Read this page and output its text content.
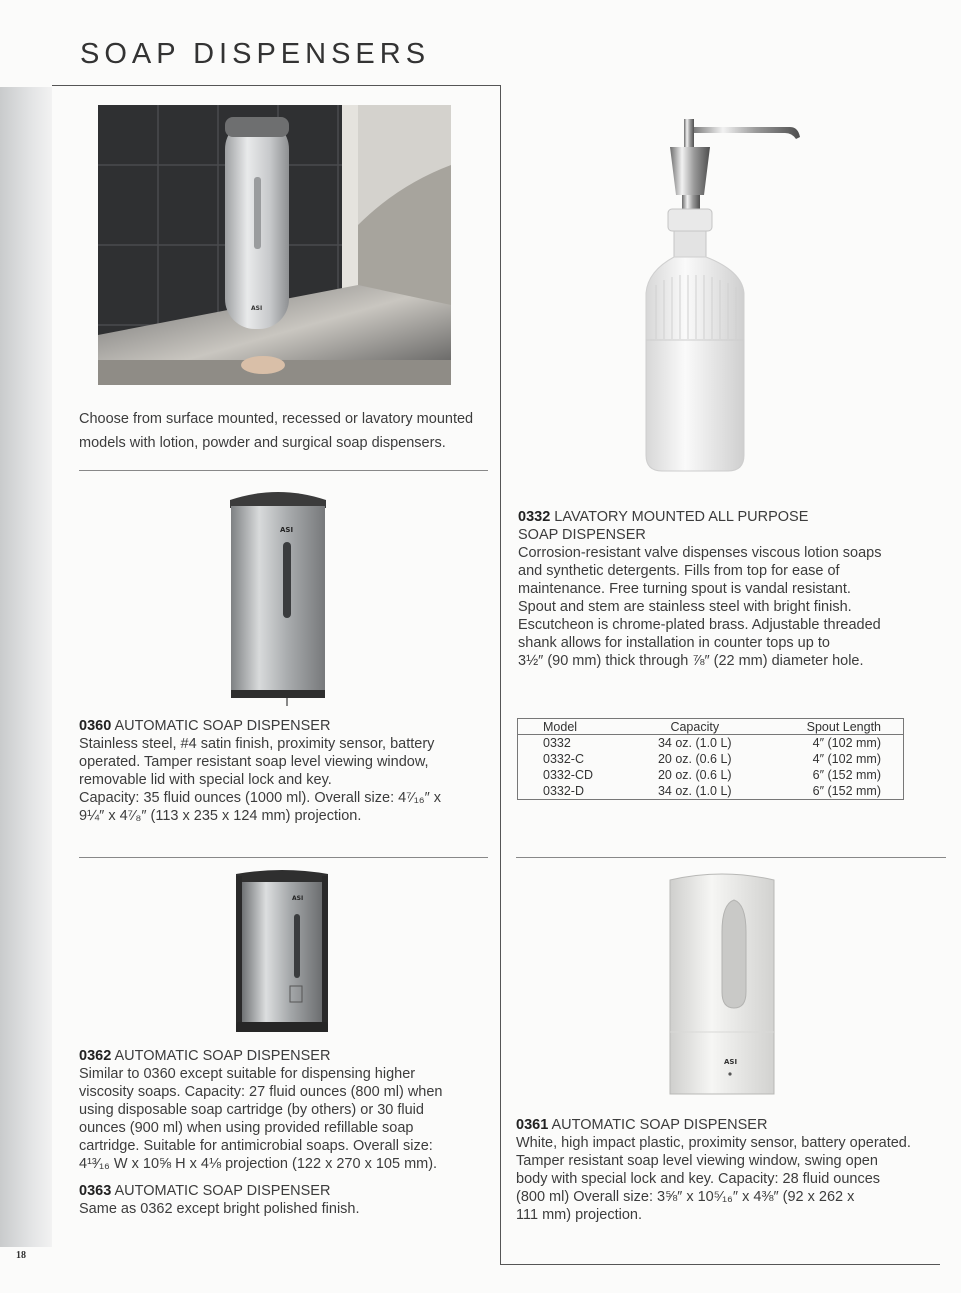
SOAP DISPENSERS
ASI

Choose from surface mounted, recessed or lavatory mounted models with lotion, powder and surgical soap dispensers.

ASI

0360 AUTOMATIC SOAP DISPENSER

Stainless steel, #4 satin finish, proximity sensor, battery

operated. Tamper resistant soap level viewing window,

removable lid with special lock and key.

Capacity: 35 fluid ounces (1000 ml). Overall size: 4⁷⁄₁₆″ x

9¼″ x 4⁷⁄₈″ (113 x 235 x 124 mm) projection.

0332 LAVATORY MOUNTED ALL PURPOSE

SOAP DISPENSER

Corrosion-resistant valve dispenses viscous lotion soaps

and synthetic detergents. Fills from top for ease of

maintenance. Free turning spout is vandal resistant.

Spout and stem are stainless steel with bright finish.

Escutcheon is chrome-plated brass. Adjustable threaded

shank allows for installation in counter tops up to

3½″ (90 mm) thick through ⅞″ (22 mm) diameter hole.

Model	Capacity	Spout Length
0332	34 oz. (1.0 L)	4″ (102 mm)
0332-C	20 oz. (0.6 L)	4″ (102 mm)
0332-CD	20 oz. (0.6 L)	6″ (152 mm)
0332-D	34 oz. (1.0 L)	6″ (152 mm)
ASI

0362 AUTOMATIC SOAP DISPENSER

Similar to 0360 except suitable for dispensing higher

viscosity soaps. Capacity: 27 fluid ounces (800 ml) when

using disposable soap cartridge (by others) or 30 fluid

ounces (900 ml) when using provided refillable soap

cartridge. Suitable for antimicrobial soaps. Overall size:

4¹³⁄₁₆ W x 10⅝ H x 4⅛ projection (122 x 270 x 105 mm).

0363 AUTOMATIC SOAP DISPENSER

Same as 0362 except bright polished finish.

ASI

0361 AUTOMATIC SOAP DISPENSER

White, high impact plastic, proximity sensor, battery operated.

Tamper resistant soap level viewing window, swing open

body with special lock and key. Capacity: 28 fluid ounces

(800 ml) Overall size: 3⅝″ x 10⁵⁄₁₆″ x 4⅜″ (92 x 262 x

111 mm) projection.

18
